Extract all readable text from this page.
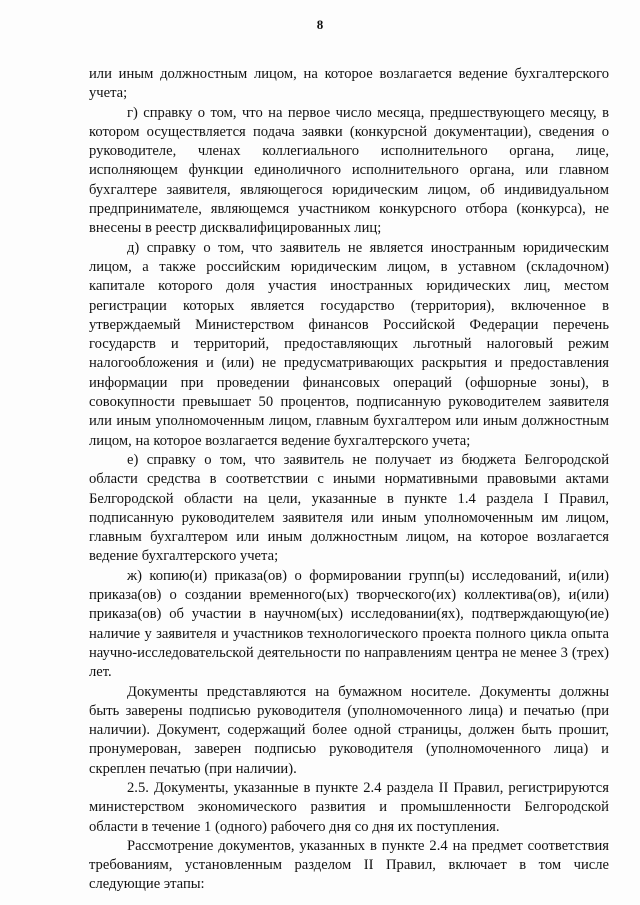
8

или иным должностным лицом, на которое возлагается ведение бухгалтерского учета;

г) справку о том, что на первое число месяца, предшествующего месяцу, в котором осуществляется подача заявки (конкурсной документации), сведения о руководителе, членах коллегиального исполнительного органа, лице, исполняющем функции единоличного исполнительного органа, или главном бухгалтере заявителя, являющегося юридическим лицом, об индивидуальном предпринимателе, являющемся участником конкурсного отбора (конкурса), не внесены в реестр дисквалифицированных лиц;

д) справку о том, что заявитель не является иностранным юридическим лицом, а также российским юридическим лицом, в уставном (складочном) капитале которого доля участия иностранных юридических лиц, местом регистрации которых является государство (территория), включенное в утверждаемый Министерством финансов Российской Федерации перечень государств и территорий, предоставляющих льготный налоговый режим налогообложения и (или) не предусматривающих раскрытия и предоставления информации при проведении финансовых операций (офшорные зоны), в совокупности превышает 50 процентов, подписанную руководителем заявителя или иным уполномоченным лицом, главным бухгалтером или иным должностным лицом, на которое возлагается ведение бухгалтерского учета;

е) справку о том, что заявитель не получает из бюджета Белгородской области средства в соответствии с иными нормативными правовыми актами Белгородской области на цели, указанные в пункте 1.4 раздела I Правил, подписанную руководителем заявителя или иным уполномоченным им лицом, главным бухгалтером или иным должностным лицом, на которое возлагается ведение бухгалтерского учета;

ж) копию(и) приказа(ов) о формировании групп(ы) исследований, и(или) приказа(ов) о создании временного(ых) творческого(их) коллектива(ов), и(или) приказа(ов) об участии в научном(ых) исследовании(ях), подтверждающую(ие) наличие у заявителя и участников технологического проекта полного цикла опыта научно-исследовательской деятельности по направлениям центра не менее 3 (трех) лет.

Документы представляются на бумажном носителе. Документы должны быть заверены подписью руководителя (уполномоченного лица) и печатью (при наличии). Документ, содержащий более одной страницы, должен быть прошит, пронумерован, заверен подписью руководителя (уполномоченного лица) и скреплен печатью (при наличии).

2.5. Документы, указанные в пункте 2.4 раздела II Правил, регистрируются министерством экономического развития и промышленности Белгородской области в течение 1 (одного) рабочего дня со дня их поступления.

Рассмотрение документов, указанных в пункте 2.4 на предмет соответствия требованиям, установленным разделом II Правил, включает в том числе следующие этапы:
